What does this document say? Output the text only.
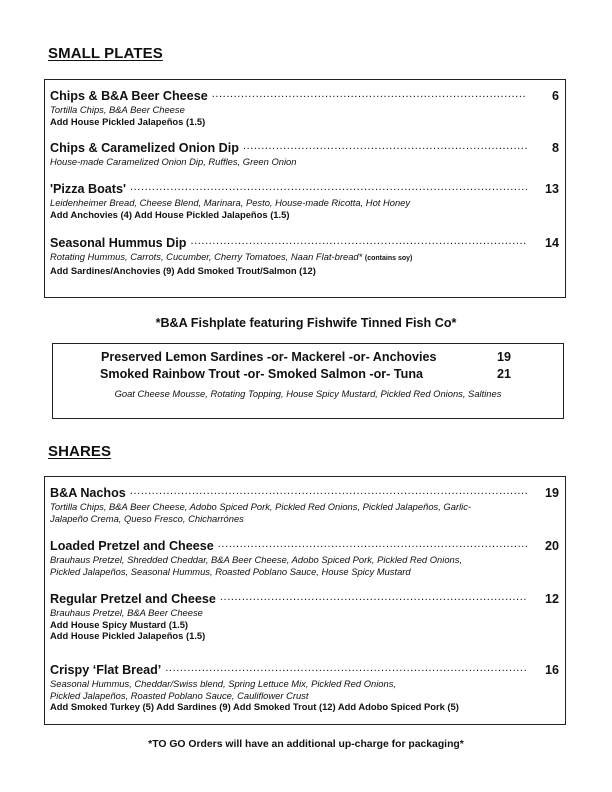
SMALL PLATES
Chips & B&A Beer Cheese .....	6
Tortilla Chips, B&A Beer Cheese
Add House Pickled Jalapeños (1.5)
Chips & Caramelized Onion Dip .....	8
House-made Caramelized Onion Dip, Ruffles, Green Onion
'Pizza Boats' .....	13
Leidenheimer Bread, Cheese Blend, Marinara, Pesto, House-made Ricotta, Hot Honey
Add Anchovies (4) Add House Pickled Jalapeños (1.5)
Seasonal Hummus Dip .....	14
Rotating Hummus, Carrots, Cucumber, Cherry Tomatoes, Naan Flat-bread* (contains soy)
Add Sardines/Anchovies (9) Add Smoked Trout/Salmon (12)
*B&A Fishplate featuring Fishwife Tinned Fish Co*
Preserved Lemon Sardines -or- Mackerel -or- Anchovies	19
Smoked Rainbow Trout -or- Smoked Salmon -or- Tuna	21
Goat Cheese Mousse, Rotating Topping, House Spicy Mustard, Pickled Red Onions, Saltines
SHARES
B&A Nachos .....	19
Tortilla Chips, B&A Beer Cheese, Adobo Spiced Pork, Pickled Red Onions, Pickled Jalapeños, Garlic-
Jalapeño Crema, Queso Fresco, Chicharrónes
Loaded Pretzel and Cheese .....	20
Brauhaus Pretzel, Shredded Cheddar, B&A Beer Cheese, Adobo Spiced Pork, Pickled Red Onions,
Pickled Jalapeños, Seasonal Hummus, Roasted Poblano Sauce, House Spicy Mustard
Regular Pretzel and Cheese .....	12
Brauhaus Pretzel, B&A Beer Cheese
Add House Spicy Mustard (1.5)
Add House Pickled Jalapeños (1.5)
Crispy ‘Flat Bread’ .....	16
Seasonal Hummus, Cheddar/Swiss blend, Spring Lettuce Mix, Pickled Red Onions,
Pickled Jalapeños, Roasted Poblano Sauce, Cauliflower Crust
Add Smoked Turkey (5) Add Sardines (9) Add Smoked Trout (12) Add Adobo Spiced Pork (5)
*TO GO Orders will have an additional up-charge for packaging*
